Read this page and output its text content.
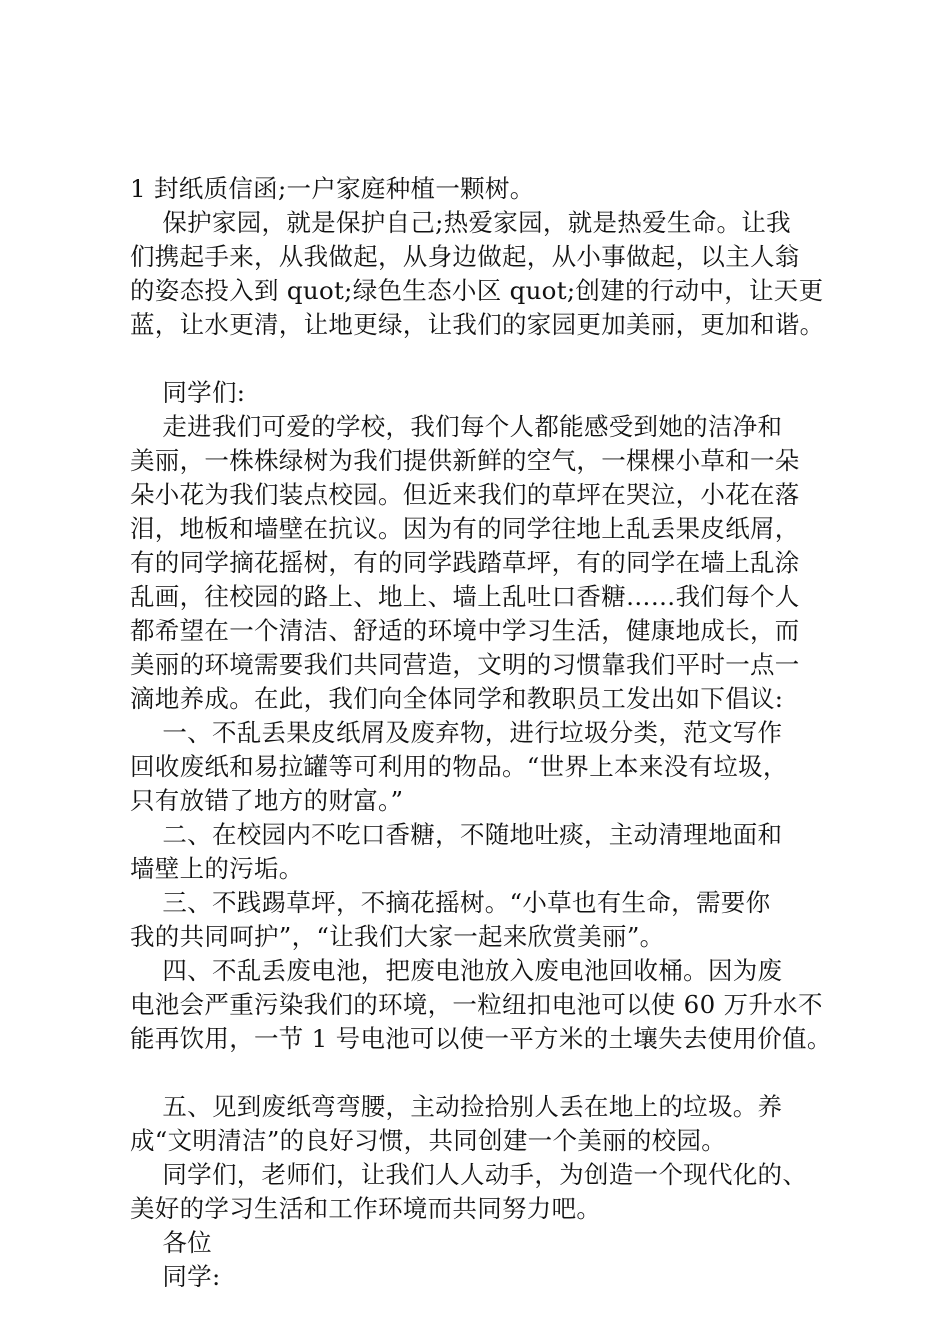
1 封纸质信函;一户家庭种植一颗树。

保护家园，就是保护自己;热爱家园，就是热爱生命。让我

们携起手来，从我做起，从身边做起，从小事做起，以主人翁

的姿态投入到 quot;绿色生态小区 quot;创建的行动中，让天更

蓝，让水更清，让地更绿，让我们的家园更加美丽，更加和谐。

同学们:

走进我们可爱的学校，我们每个人都能感受到她的洁净和

美丽，一株株绿树为我们提供新鲜的空气，一棵棵小草和一朵

朵小花为我们装点校园。但近来我们的草坪在哭泣，小花在落

泪，地板和墙壁在抗议。因为有的同学往地上乱丢果皮纸屑，

有的同学摘花摇树，有的同学践踏草坪，有的同学在墙上乱涂

乱画，往校园的路上、地上、墙上乱吐口香糖……我们每个人

都希望在一个清洁、舒适的环境中学习生活，健康地成长，而

美丽的环境需要我们共同营造，文明的习惯靠我们平时一点一

滴地养成。在此，我们向全体同学和教职员工发出如下倡议:

一、不乱丢果皮纸屑及废弃物，进行垃圾分类，范文写作

回收废纸和易拉罐等可利用的物品。“世界上本来没有垃圾，

只有放错了地方的财富。”

二、在校园内不吃口香糖，不随地吐痰，主动清理地面和

墙壁上的污垢。

三、不践踢草坪，不摘花摇树。“小草也有生命，需要你

我的共同呵护”，“让我们大家一起来欣赏美丽”。

四、不乱丢废电池，把废电池放入废电池回收桶。因为废

电池会严重污染我们的环境，一粒纽扣电池可以使 60 万升水不

能再饮用，一节 1 号电池可以使一平方米的土壤失去使用价值。

五、见到废纸弯弯腰，主动捡拾别人丢在地上的垃圾。养

成“文明清洁”的良好习惯，共同创建一个美丽的校园。

同学们，老师们，让我们人人动手，为创造一个现代化的、

美好的学习生活和工作环境而共同努力吧。

各位

同学:
